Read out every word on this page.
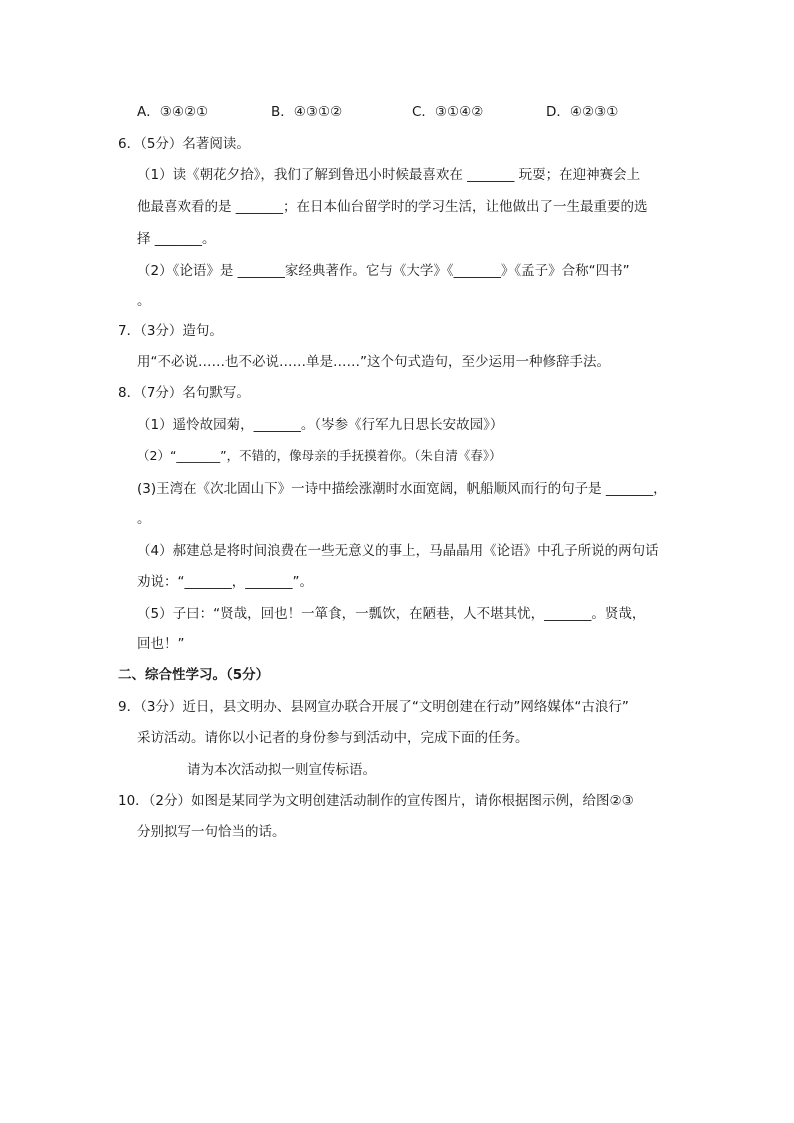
A．③④②①	B．④③①②	C．③①④②	D．④②③①
6．（5分）名著阅读。
（1）读《朝花夕拾》，我们了解到鲁迅小时候最喜欢在 _______ 玩耍；在迎神赛会上
他最喜欢看的是 _______；在日本仙台留学时的学习生活，让他做出了一生最重要的选
择 _______。
（2）《论语》是 _______家经典著作。它与《大学》《_______》《孟子》合称“四书”
。
7．（3分）造句。
用“不必说……也不必说……单是……”这个句式造句，至少运用一种修辞手法。
8．（7分）名句默写。
（1）遥怜故园菊，_______。（岑参《行军九日思长安故园》）
（2）“_______”，不错的，像母亲的手抚摸着你。（朱自清《春》）
(3)王湾在《次北固山下》一诗中描绘涨潮时水面宽阔，帆船顺风而行的句子是 _______，
。
（4）郝建总是将时间浪费在一些无意义的事上，马晶晶用《论语》中孔子所说的两句话
劝说：“_______，_______”。
（5）子曰：“贤哉，回也！一箪食，一瓢饮，在陋巷，人不堪其忧，_______。贤哉，
回也！”
二、综合性学习。（5分）
9．（3分）近日，县文明办、县网宣办联合开展了“文明创建在行动”网络媒体“古浪行”
采访活动。请你以小记者的身份参与到活动中，完成下面的任务。
请为本次活动拟一则宣传标语。
10．（2分）如图是某同学为文明创建活动制作的宣传图片，请你根据图示例，给图②③
分别拟写一句恰当的话。
